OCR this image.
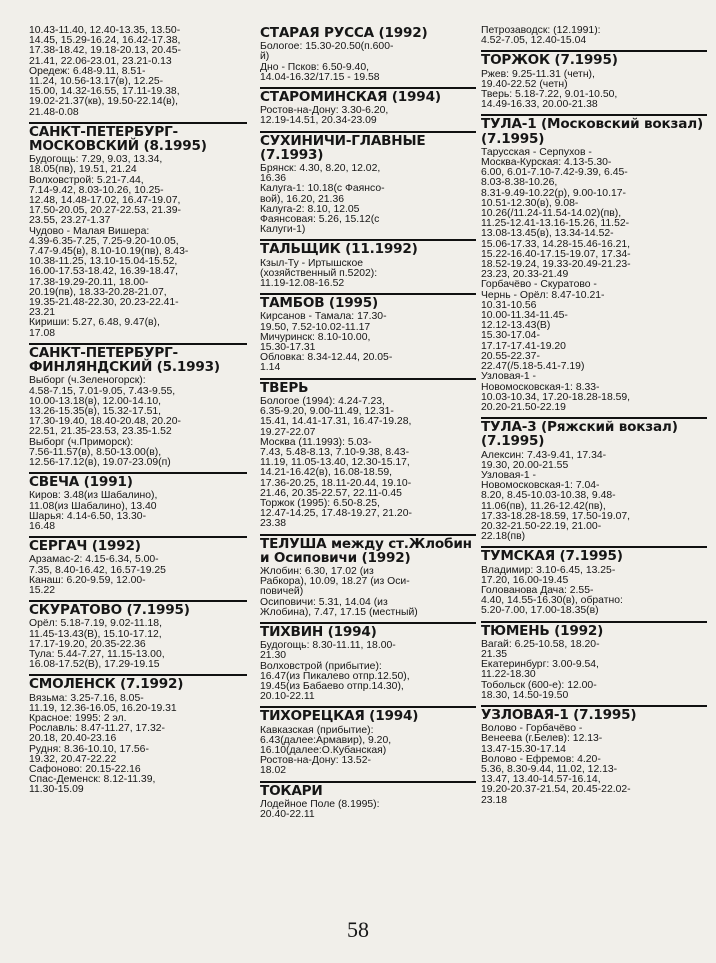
10.43-11.40, 12.40-13.35, 13.50-
14.45, 15.29-16.24, 16.42-17.38,
17.38-18.42, 19.18-20.13, 20.45-
21.41, 22.06-23.01, 23.21-0.13
Оредеж: 6.48-9.11, 8.51-
11.24, 10.56-13.17(в), 12.25-
15.00, 14.32-16.55, 17.11-19.38,
19.02-21.37(кв), 19.50-22.14(в),
21.48-0.08
САНКТ-ПЕТЕРБУРГ-МОСКОВСКИЙ (8.1995)
Будогощь: 7.29, 9.03, 13.34,
18.05(пв), 19.51, 21.24
Волховстрой: 5.21-7.44,
7.14-9.42, 8.03-10.26, 10.25-
12.48, 14.48-17.02, 16.47-19.07,
17.50-20.05, 20.27-22.53, 21.39-
23.55, 23.27-1.37
Чудово - Малая Вишера:
4.39-6.35-7.25, 7.25-9.20-10.05,
7.47-9.45(в), 8.10-10.19(пв), 8.43-
10.38-11.25, 13.10-15.04-15.52,
16.00-17.53-18.42, 16.39-18.47,
17.38-19.29-20.11, 18.00-
20.19(пв), 18.33-20.28-21.07,
19.35-21.48-22.30, 20.23-22.41-
23.21
Кириши: 5.27, 6.48, 9.47(в),
17.08
САНКТ-ПЕТЕРБУРГ-ФИНЛЯНДСКИЙ (5.1993)
Выборг (ч.Зеленогорск):
4.58-7.15, 7.01-9.05, 7.43-9.55,
10.00-13.18(в), 12.00-14.10,
13.26-15.35(в), 15.32-17.51,
17.30-19.40, 18.40-20.48, 20.20-
22.51, 21.35-23.53, 23.35-1.52
Выборг (ч.Приморск):
7.56-11.57(в), 8.50-13.00(в),
12.56-17.12(в), 19.07-23.09(п)
СВЕЧА (1991)
Киров: 3.48(из Шабалино),
11.08(из Шабалино), 13.40
Шарья: 4.14-6.50, 13.30-
16.48
СЕРГАЧ (1992)
Арзамас-2: 4.15-6.34, 5.00-
7.35, 8.40-16.42, 16.57-19.25
Канаш: 6.20-9.59, 12.00-
15.22
СКУРАТОВО (7.1995)
Орёл: 5.18-7.19, 9.02-11.18,
11.45-13.43(В), 15.10-17.12,
17.17-19.20, 20.35-22.36
Тула: 5.44-7.27, 11.15-13.00,
16.08-17.52(В), 17.29-19.15
СМОЛЕНСК (7.1992)
Вязьма: 3.25-7.16, 8.05-
11.19, 12.36-16.05, 16.20-19.31
Красное: 1995: 2 эл.
Рославль: 8.47-11.27, 17.32-
20.18, 20.40-23.16
Рудня: 8.36-10.10, 17.56-
19.32, 20.47-22.22
Сафоново: 20.15-22.16
Спас-Деменск: 8.12-11.39,
11.30-15.09
СТАРАЯ РУССА (1992)
Бологое: 15.30-20.50(п.600-
й)
Дно - Псков: 6.50-9.40,
14.04-16.32/17.15 - 19.58
СТАРОМИНСКАЯ (1994)
Ростов-на-Дону: 3.30-6.20,
12.19-14.51, 20.34-23.09
СУХИНИЧИ-ГЛАВНЫЕ (7.1993)
Брянск: 4.30, 8.20, 12.02,
16.36
Калуга-1: 10.18(с Фаянсо-
вой), 16.20, 21.36
Калуга-2: 8.10, 12.05
Фаянсовая: 5.26, 15.12(с
Калуги-1)
ТАЛЬЩИК (11.1992)
Кзыл-Ту - Иртышское
(хозяйственный п.5202):
11.19-12.08-16.52
ТАМБОВ (1995)
Кирсанов - Тамала: 17.30-
19.50, 7.52-10.02-11.17
Мичуринск: 8.10-10.00,
15.30-17.31
Обловка: 8.34-12.44, 20.05-
1.14
ТВЕРЬ
Бологое (1994): 4.24-7.23,
6.35-9.20, 9.00-11.49, 12.31-
15.41, 14.41-17.31, 16.47-19.28,
19.27-22.07
Москва (11.1993): 5.03-
7.43, 5.48-8.13, 7.10-9.38, 8.43-
11.19, 11.05-13.40, 12.30-15.17,
14.21-16.42(в), 16.08-18.59,
17.36-20.25, 18.11-20.44, 19.10-
21.46, 20.35-22.57, 22.11-0.45
Торжок (1995): 6.50-8.25,
12.47-14.25, 17.48-19.27, 21.20-
23.38
ТЕЛУША между ст.Жлобин и Осиповичи (1992)
Жлобин: 6.30, 17.02 (из
Рабкора), 10.09, 18.27 (из Оси-
повичей)
Осиповичи: 5.31, 14.04 (из
Жлобина), 7.47, 17.15 (местный)
ТИХВИН (1994)
Будогощь: 8.30-11.11, 18.00-
21.30
Волховстрой (прибытие):
16.47(из Пикалево отпр.12.50),
19.45(из Бабаево отпр.14.30),
20.10-22.11
ТИХОРЕЦКАЯ (1994)
Кавказская (прибытие):
6.43(далее:Армавир), 9.20,
16.10(далее:О.Кубанская)
Ростов-на-Дону: 13.52-
18.02
ТОКАРИ
Лодейное Поле (8.1995):
20.40-22.11
Петрозаводск: (12.1991):
4.52-7.05, 12.40-15.04
ТОРЖОК (7.1995)
Ржев: 9.25-11.31 (четн),
19.40-22.52 (четн)
Тверь: 5.18-7.22, 9.01-10.50,
14.49-16.33, 20.00-21.38
ТУЛА-1 (Московский вокзал) (7.1995)
Тарусская - Серпухов -
Москва-Курская: 4.13-5.30-
6.00, 6.01-7.10-7.42-9.39, 6.45-
8.03-8.38-10.26,
8.31-9.49-10.22(р), 9.00-10.17-
10.51-12.30(в), 9.08-
10.26(/11.24-11.54-14.02)(пв),
11.25-12.41-13.16-15.26, 11.52-
13.08-13.45(в), 13.34-14.52-
15.06-17.33, 14.28-15.46-16.21,
15.22-16.40-17.15-19.07, 17.34-
18.52-19.24, 19.33-20.49-21.23-
23.23, 20.33-21.49
Горбачёво - Скуратово -
Чернь - Орёл: 8.47-10.21-
10.31-10.56
10.00-11.34-11.45-
12.12-13.43(В)
15.30-17.04-
17.17-17.41-19.20
20.55-22.37-
22.47(/5.18-5.41-7.19)
Узловая-1 -
Новомосковская-1: 8.33-
10.03-10.34, 17.20-18.28-18.59,
20.20-21.50-22.19
ТУЛА-3 (Ряжский вокзал) (7.1995)
Алексин: 7.43-9.41, 17.34-
19.30, 20.00-21.55
Узловая-1 -
Новомосковская-1: 7.04-
8.20, 8.45-10.03-10.38, 9.48-
11.06(пв), 11.26-12.42(пв),
17.33-18.28-18.59, 17.50-19.07,
20.32-21.50-22.19, 21.00-
22.18(пв)
ТУМСКАЯ (7.1995)
Владимир: 3.10-6.45, 13.25-
17.20, 16.00-19.45
Голованова Дача: 2.55-
4.40, 14.55-16.30(в), обратно:
5.20-7.00, 17.00-18.35(в)
ТЮМЕНЬ (1992)
Вагай: 6.25-10.58, 18.20-
21.35
Екатеринбург: 3.00-9.54,
11.22-18.30
Тобольск (600-е): 12.00-
18.30, 14.50-19.50
УЗЛОВАЯ-1 (7.1995)
Волово - Горбачёво -
Венеева (г.Белев): 12.13-
13.47-15.30-17.14
Волово - Ефремов: 4.20-
5.36, 8.30-9.44, 11.02, 12.13-
13.47, 13.40-14.57-16.14,
19.20-20.37-21.54, 20.45-22.02-
23.18
58
